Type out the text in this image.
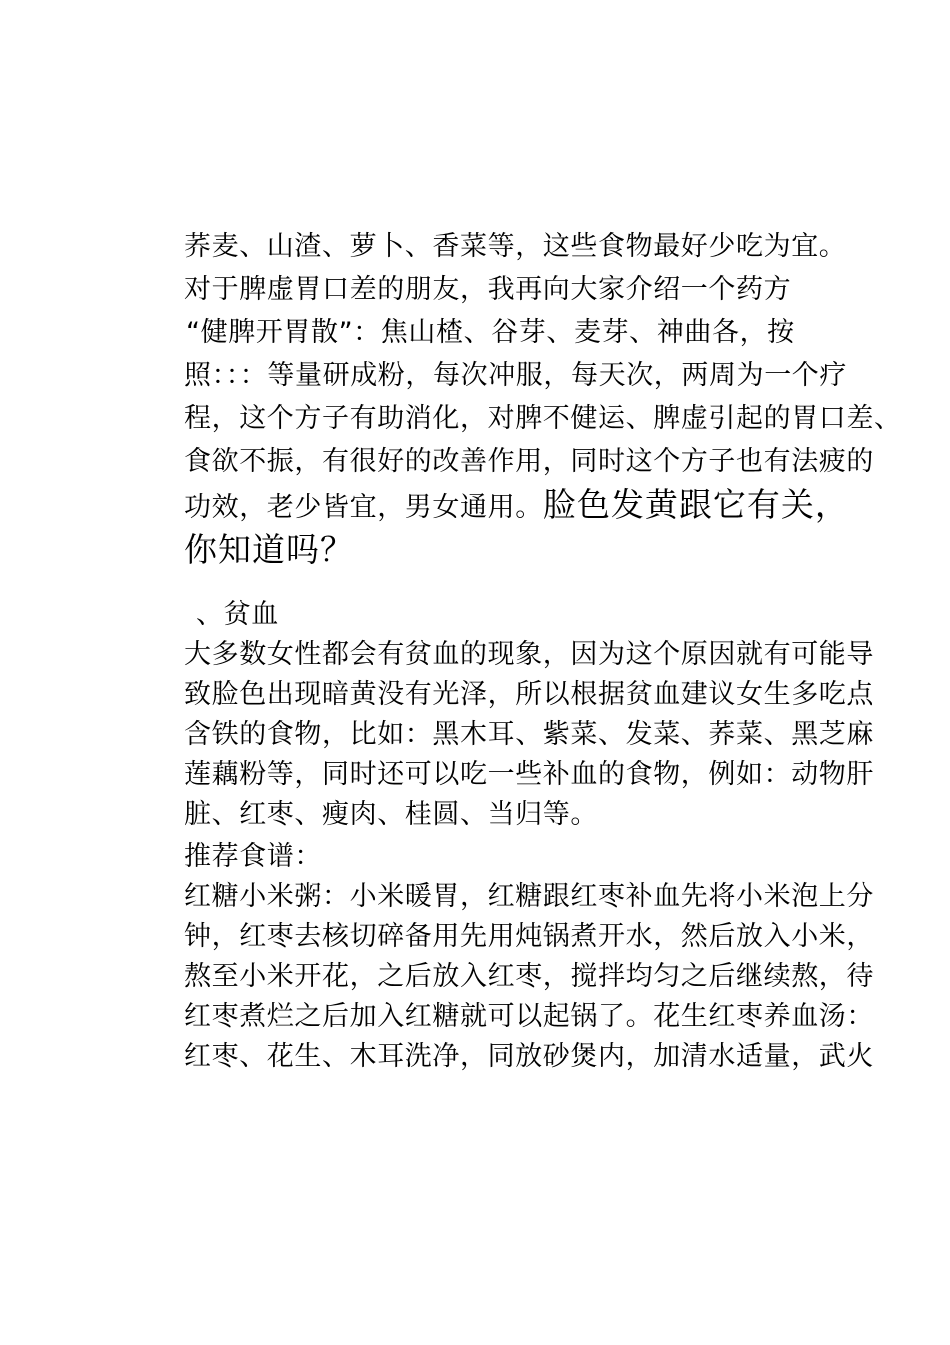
荞麦、山渣、萝卜、香菜等，这些食物最好少吃为宜。
对于脾虚胃口差的朋友，我再向大家介绍一个药方
“健脾开胃散”：焦山楂、谷芽、麦芽、神曲各，按
照：：：等量研成粉，每次冲服，每天次，两周为一个疗
程，这个方子有助消化，对脾不健运、脾虚引起的胃口差、
食欲不振，有很好的改善作用，同时这个方子也有法疲的
功效，老少皆宜，男女通用。脸色发黄跟它有关，
你知道吗？
、贫血
大多数女性都会有贫血的现象，因为这个原因就有可能导
致脸色出现暗黄没有光泽，所以根据贫血建议女生多吃点
含铁的食物，比如：黑木耳、紫菜、发菜、荞菜、黑芝麻
莲藕粉等，同时还可以吃一些补血的食物，例如：动物肝
脏、红枣、瘦肉、桂圆、当归等。
推荐食谱：
红糖小米粥：小米暖胃，红糖跟红枣补血先将小米泡上分
钟，红枣去核切碎备用先用炖锅煮开水，然后放入小米，
熬至小米开花，之后放入红枣，搅拌均匀之后继续熬，待
红枣煮烂之后加入红糖就可以起锅了。花生红枣养血汤：
红枣、花生、木耳洗净，同放砂煲内，加清水适量，武火
